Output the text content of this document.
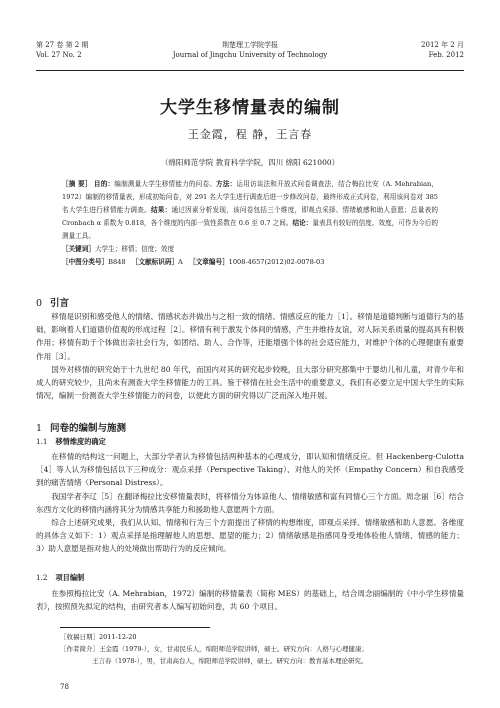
第 27 卷 第 2 期
Vol. 27 No. 2
荆楚理工学院学报
Journal of Jingchu University of Technology
2012 年 2 月
Feb. 2012
大学生移情量表的编制
王金霞，程 静，王言春
（绵阳师范学院 教育科学学院，四川 绵阳 621000）

［摘 要］ 目的：编制测量大学生移情能力的问卷。方法：运用访谈法和开放式问卷调查法，结合梅拉比安（A. Mehrabian，1972）编制的移情量表，形成初始问卷，对 291 名大学生进行调查后进一步修改问卷，最终形成正式问卷，利用该问卷对 385 名大学生进行移情能力调查。结果：通过因素分析发现，该问卷包括三个维度，即观点采择、情绪敏感和助人意愿；总量表的 Cronbach α 系数为 0.818，各个维度的内部一致性系数在 0.6 至 0.7 之间。结论：量表具有较好的信度、效度，可作为今后的测量工具。

［关键词］大学生；移情；信度；效度

［中图分类号］B848 ［文献标识码］A ［文章编号］1008-4657(2012)02-0078-03

0 引言

移情是识别和感受他人的情绪、情感状态并做出与之相一致的情绪、情感反应的能力［1］。移情是道德判断与道德行为的基础，影响着人们道德价值观的形成过程［2］。移情有利于激发个体间的情感，产生并维持友谊，对人际关系质量的提高具有积极作用；移情有助于个体做出亲社会行为，如团结、助人、合作等，还能增强个体的社会适应能力，对维护个体的心理健康有重要作用［3］。

国外对移情的研究始于十九世纪 80 年代，而国内对其的研究起步较晚，且大部分研究都集中于婴幼儿和儿童，对青少年和成人的研究较少，且尚未有测查大学生移情能力的工具。鉴于移情在社会生活中的重要意义，我们有必要立足中国大学生的实际情况，编制一份测查大学生移情能力的问卷，以便此方面的研究得以广泛而深入地开展。

1 问卷的编制与施测
1.1 移情维度的确定

在移情的结构这一问题上，大部分学者认为移情包括两种基本的心理成分，即认知和情绪反应。但 Hackenberg-Culotta［4］等人认为移情包括以下三种成分：观点采择（Perspective Taking）、对他人的关怀（Empathy Concern）和自我感受到的痛苦情绪（Personal Distress）。

我国学者李辽［5］在翻译梅拉比安移情量表时，将移情分为体谅他人、情绪敏感和富有同情心三个方面。周念丽［6］结合东西方文化的移情内涵将其分为情感共享能力和援助他人意愿两个方面。

综合上述研究成果，我们从认知、情绪和行为三个方面提出了移情的构想维度，即观点采择、情绪敏感和助人意愿。各维度的具体含义如下：1）观点采择是指理解他人的思想、愿望的能力；2）情绪敏感是指感同身受地体验他人情绪、情感的能力；3）助人意愿是指对他人的处境做出帮助行为的反应倾向。

1.2 项目编制

在参照梅拉比安（A. Mehrabian，1972）编制的移情量表（简称 MES）的基础上，结合周念丽编制的《中小学生移情量表》，按照预先拟定的结构，由研究者本人编写初始问卷，共 60 个项目。

［收稿日期］2011-12-20
［作者简介］王金霞（1979-），女，甘肃民乐人，绵阳师范学院讲师，硕士。研究方向：人格与心理健康；
王言春（1978-），男，甘肃高台人，绵阳师范学院讲师，硕士。研究方向：教育基本理论研究。
78
